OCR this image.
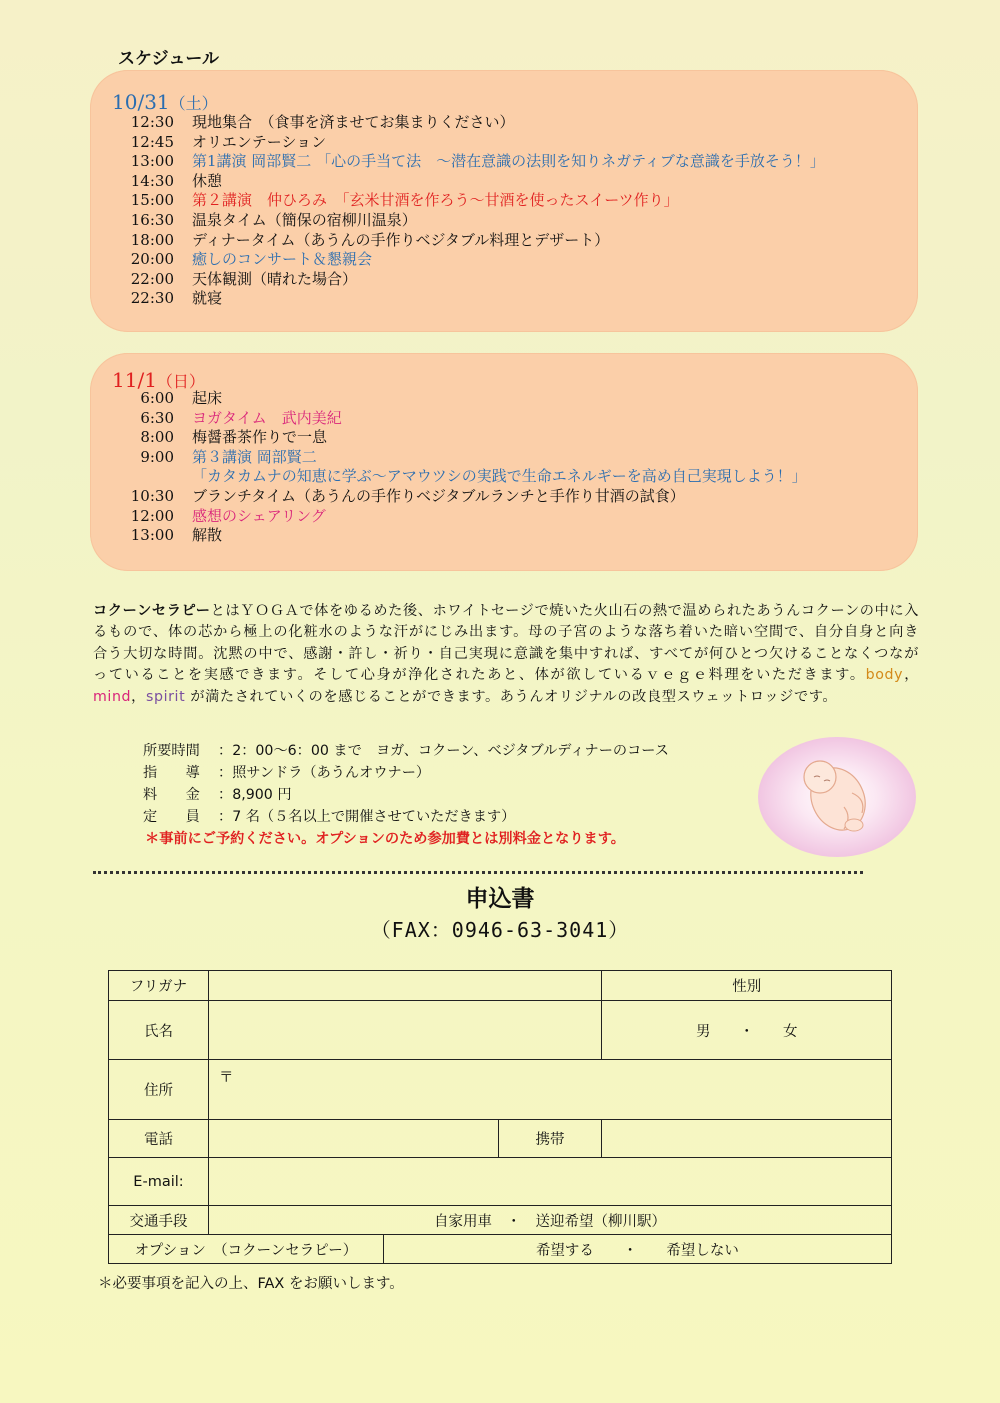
スケジュール
10/31（土）
12:30 現地集合　（食事を済ませてお集まりください）
12:45 オリエンテーション
13:00 第1講演 岡部賢二 「心の手当て法　～潜在意識の法則を知りネガティブな意識を手放そう！」
14:30 休憩
15:00 第２講演　仲ひろみ　「玄米甘酒を作ろう～甘酒を使ったスイーツ作り」
16:30 温泉タイム（簡保の宿柳川温泉）
18:00 ディナータイム（あうんの手作りベジタブル料理とデザート）
20:00 癒しのコンサート＆懇親会
22:00 天体観測（晴れた場合）
22:30 就寝
11/1（日）
6:00 起床
6:30 ヨガタイム　武内美紀
8:00 梅醤番茶作りで一息
9:00 第３講演 岡部賢二
「カタカムナの知恵に学ぶ～アマウツシの実践で生命エネルギーを高め自己実現しよう！」
10:30 ブランチタイム（あうんの手作りベジタブルランチと手作り甘酒の試食）
12:00 感想のシェアリング
13:00 解散
コクーンセラピーとはＹＯＧＡで体をゆるめた後、ホワイトセージで焼いた火山石の熱で温められたあうんコクーンの中に入るもので、体の芯から極上の化粧水のような汗がにじみ出ます。母の子宮のような落ち着いた暗い空間で、自分自身と向き合う大切な時間。沈黙の中で、感謝・許し・祈り・自己実現に意識を集中すれば、すべてが何ひとつ欠けることなくつながっていることを実感できます。そして心身が浄化されたあと、体が欲しているｖｅｇｅ料理をいただきます。body，mind，spirit が満たされていくのを感じることができます。あうんオリジナルの改良型スウェットロッジです。
所要時間 ：2：00～6：00 まで　ヨガ、コクーン、ベジタブルディナーのコース
指　　導 ：照サンドラ（あうんオウナー）
料　　金 ：8,900 円
定　　員 ：7 名（５名以上で開催させていただきます）
＊事前にご予約ください。オプションのため参加費とは別料金となります。
申込書
（FAX：0946-63-3041）
フリガナ				性別
氏名				男　　・　　女
住所	〒			
電話			携帯	
E-mail:				
交通手段	自家用車　・　送迎希望（柳川駅）			
オプション　（コクーンセラピー）		希望する　　・　　希望しない		
＊必要事項を記入の上、FAX をお願いします。
